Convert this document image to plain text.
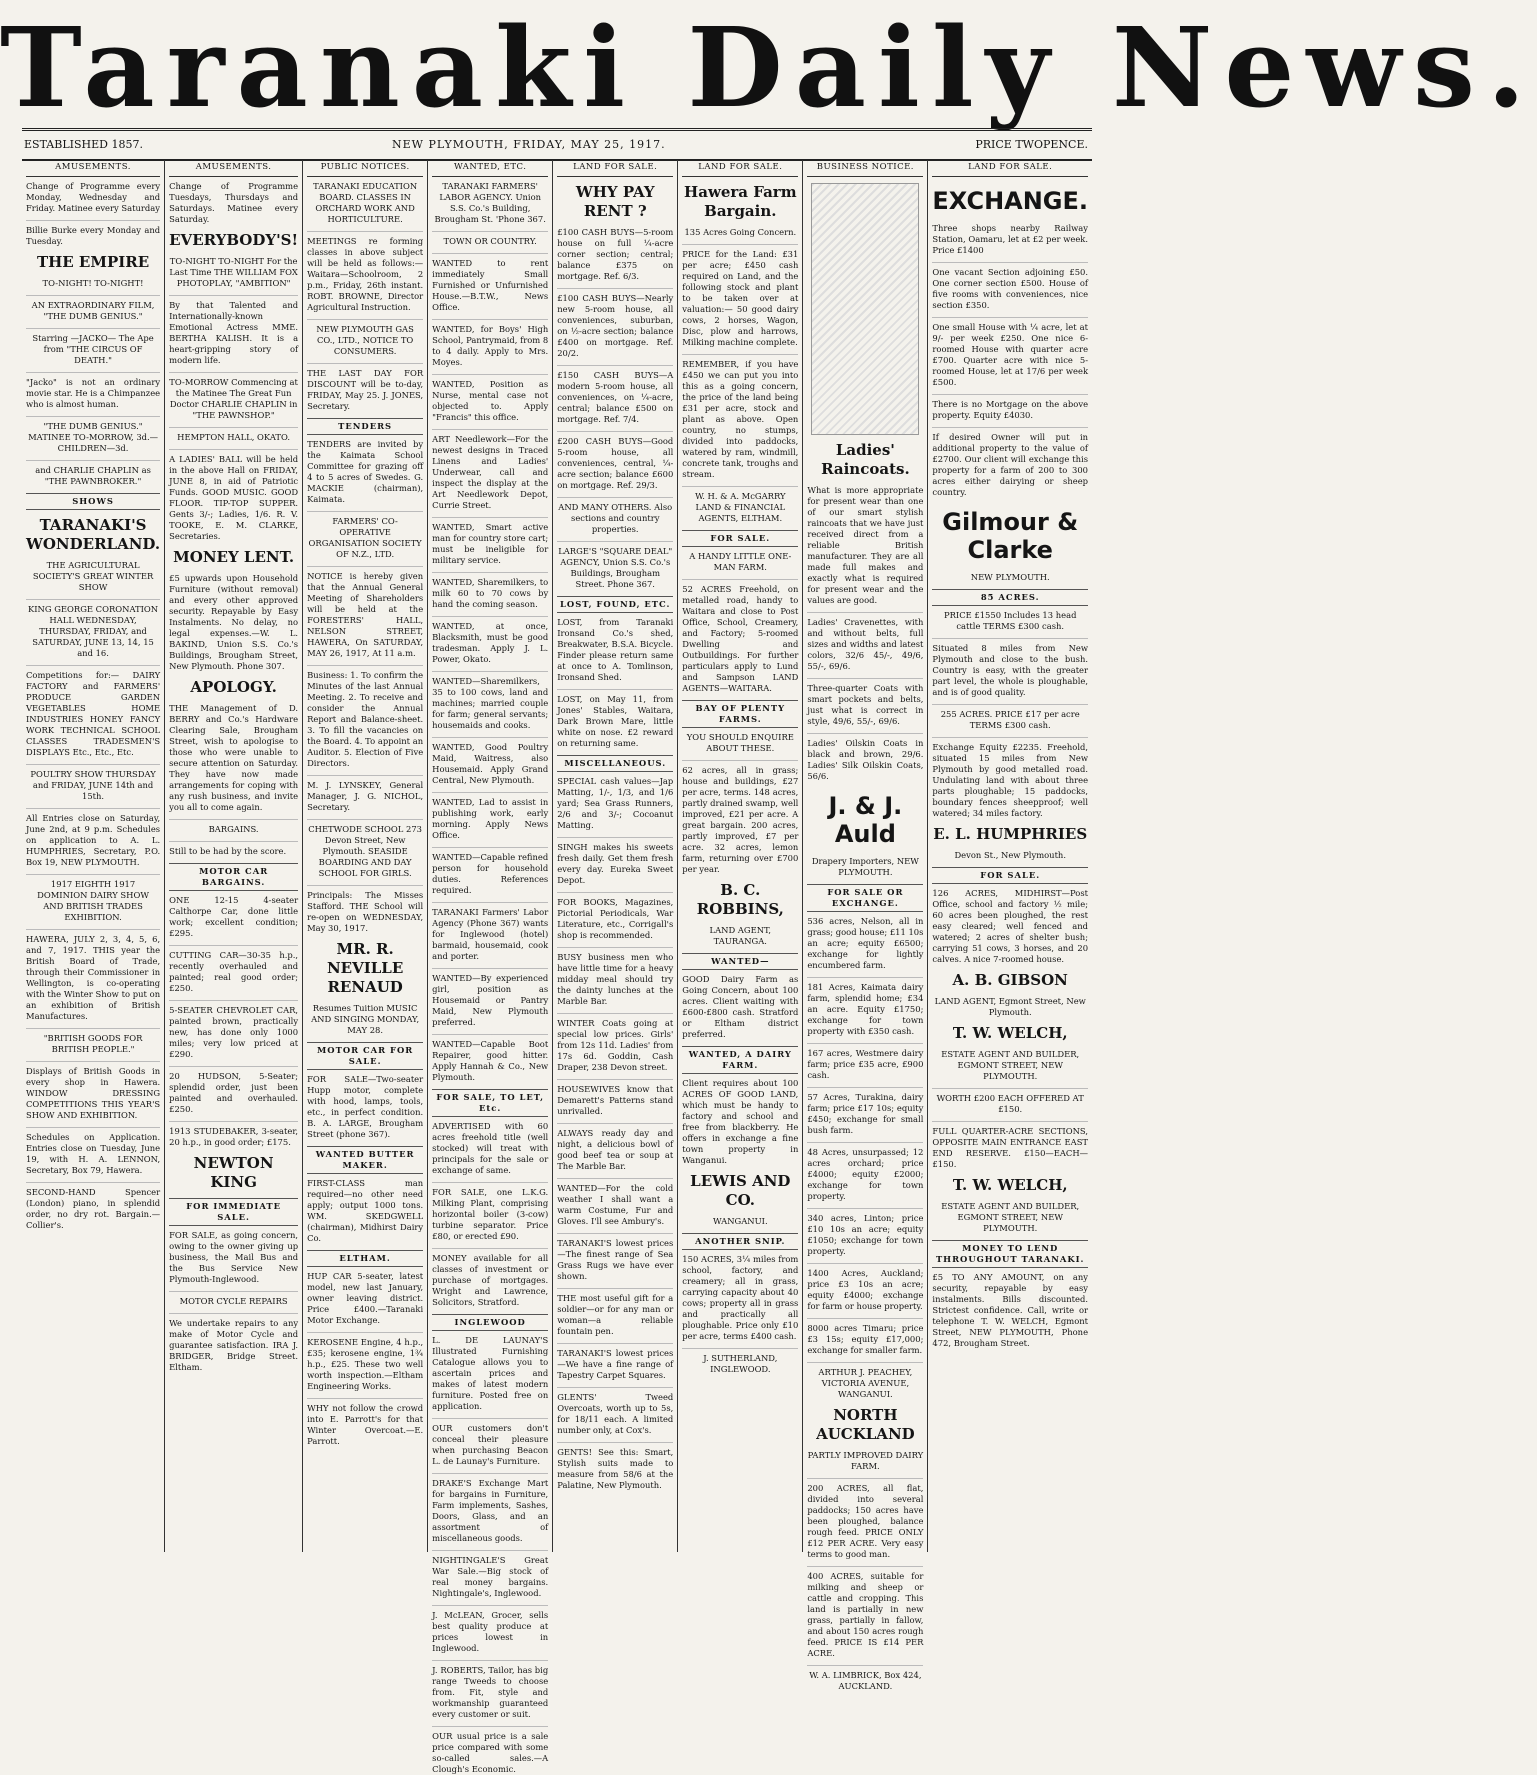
Taranaki Daily News.
ESTABLISHED 1857.	NEW PLYMOUTH, FRIDAY, MAY 25, 1917.	PRICE TWOPENCE.
AMUSEMENTS.
Change of Programme every Monday, Wednesday and Friday. Matinee every Saturday
Billie Burke every Monday and Tuesday.
THE EMPIRE
TO-NIGHT! TO-NIGHT!
AN EXTRAORDINARY FILM, "THE DUMB GENIUS."
Starring —JACKO— The Ape from "THE CIRCUS OF DEATH."
"Jacko" is not an ordinary movie star. He is a Chimpanzee who is almost human.
"THE DUMB GENIUS." MATINEE TO-MORROW, 3d.—CHILDREN—3d.
and CHARLIE CHAPLIN as "THE PAWNBROKER."
SHOWS
TARANAKI'S WONDERLAND.
THE AGRICULTURAL SOCIETY'S GREAT WINTER SHOW
KING GEORGE CORONATION HALL WEDNESDAY, THURSDAY, FRIDAY, and SATURDAY, JUNE 13, 14, 15 and 16.
Competitions for:— DAIRY FACTORY and FARMERS' PRODUCE GARDEN VEGETABLES HOME INDUSTRIES HONEY FANCY WORK TECHNICAL SCHOOL CLASSES TRADESMEN'S DISPLAYS Etc., Etc., Etc.
POULTRY SHOW THURSDAY and FRIDAY, JUNE 14th and 15th.
All Entries close on Saturday, June 2nd, at 9 p.m. Schedules on application to A. L. HUMPHRIES, Secretary, P.O. Box 19, NEW PLYMOUTH.
1917 EIGHTH 1917 DOMINION DAIRY SHOW AND BRITISH TRADES EXHIBITION.
HAWERA, JULY 2, 3, 4, 5, 6, and 7, 1917. THIS year the British Board of Trade, through their Commissioner in Wellington, is co-operating with the Winter Show to put on an exhibition of British Manufactures.
"BRITISH GOODS FOR BRITISH PEOPLE."
Displays of British Goods in every shop in Hawera. WINDOW DRESSING COMPETITIONS THIS YEAR'S SHOW AND EXHIBITION.
Schedules on Application. Entries close on Tuesday, June 19, with H. A. LENNON, Secretary, Box 79, Hawera.
SECOND-HAND Spencer (London) piano, in splendid order, no dry rot. Bargain.—Collier's.
AMUSEMENTS.
Change of Programme Tuesdays, Thursdays and Saturdays. Matinee every Saturday.
EVERYBODY'S!
TO-NIGHT TO-NIGHT For the Last Time THE WILLIAM FOX PHOTOPLAY, "AMBITION"
By that Talented and Internationally-known Emotional Actress MME. BERTHA KALISH. It is a heart-gripping story of modern life.
TO-MORROW Commencing at the Matinee The Great Fun Doctor CHARLIE CHAPLIN in "THE PAWNSHOP."
HEMPTON HALL, OKATO.
A LADIES' BALL will be held in the above Hall on FRIDAY, JUNE 8, in aid of Patriotic Funds. GOOD MUSIC. GOOD FLOOR. TIP-TOP SUPPER. Gents 3/-; Ladies, 1/6. R. V. TOOKE, E. M. CLARKE, Secretaries.
MONEY LENT.
£5 upwards upon Household Furniture (without removal) and every other approved security. Repayable by Easy Instalments. No delay, no legal expenses.—W. L. BAKIND, Union S.S. Co.'s Buildings, Brougham Street, New Plymouth. Phone 307.
APOLOGY.
THE Management of D. BERRY and Co.'s Hardware Clearing Sale, Brougham Street, wish to apologise to those who were unable to secure attention on Saturday. They have now made arrangements for coping with any rush business, and invite you all to come again.
BARGAINS.
Still to be had by the score.
MOTOR CAR BARGAINS.
ONE 12-15 4-seater Calthorpe Car, done little work; excellent condition; £295.
CUTTING CAR—30-35 h.p., recently overhauled and painted; real good order; £250.
5-SEATER CHEVROLET CAR, painted brown, practically new, has done only 1000 miles; very low priced at £290.
20 HUDSON, 5-Seater; splendid order, just been painted and overhauled. £250.
1913 STUDEBAKER, 3-seater, 20 h.p., in good order; £175.
NEWTON KING
FOR IMMEDIATE SALE.
FOR SALE, as going concern, owing to the owner giving up business, the Mail Bus and the Bus Service New Plymouth-Inglewood.
MOTOR CYCLE REPAIRS
We undertake repairs to any make of Motor Cycle and guarantee satisfaction. IRA J. BRIDGER, Bridge Street. Eltham.
PUBLIC NOTICES.
TARANAKI EDUCATION BOARD. CLASSES IN ORCHARD WORK AND HORTICULTURE.
MEETINGS re forming classes in above subject will be held as follows:—Waitara—Schoolroom, 2 p.m., Friday, 26th instant. ROBT. BROWNE, Director Agricultural Instruction.
NEW PLYMOUTH GAS CO., LTD., NOTICE TO CONSUMERS.
THE LAST DAY FOR DISCOUNT will be to-day, FRIDAY, May 25. J. JONES, Secretary.
TENDERS
TENDERS are invited by the Kaimata School Committee for grazing off 4 to 5 acres of Swedes. G. MACKIE (chairman), Kaimata.
FARMERS' CO-OPERATIVE ORGANISATION SOCIETY OF N.Z., LTD.
NOTICE is hereby given that the Annual General Meeting of Shareholders will be held at the FORESTERS' HALL, NELSON STREET, HAWERA, On SATURDAY, MAY 26, 1917, At 11 a.m.
Business: 1. To confirm the Minutes of the last Annual Meeting. 2. To receive and consider the Annual Report and Balance-sheet. 3. To fill the vacancies on the Board. 4. To appoint an Auditor. 5. Election of Five Directors.
M. J. LYNSKEY, General Manager, J. G. NICHOL, Secretary.
CHETWODE SCHOOL 273 Devon Street, New Plymouth. SEASIDE BOARDING AND DAY SCHOOL FOR GIRLS.
Principals: The Misses Stafford. THE School will re-open on WEDNESDAY, May 30, 1917.
MR. R. NEVILLE RENAUD
Resumes Tuition MUSIC AND SINGING MONDAY, MAY 28.
MOTOR CAR FOR SALE.
FOR SALE—Two-seater Hupp motor, complete with hood, lamps, tools, etc., in perfect condition. B. A. LARGE, Brougham Street (phone 367).
WANTED BUTTER MAKER.
FIRST-CLASS man required—no other need apply; output 1000 tons. WM. SKEDGWELL (chairman), Midhirst Dairy Co.
ELTHAM.
HUP CAR 5-seater, latest model, new last January, owner leaving district. Price £400.—Taranaki Motor Exchange.
KEROSENE Engine, 4 h.p., £35; kerosene engine, 1¾ h.p., £25. These two well worth inspection.—Eltham Engineering Works.
WHY not follow the crowd into E. Parrott's for that Winter Overcoat.—E. Parrott.
WANTED, ETC.
TARANAKI FARMERS' LABOR AGENCY. Union S.S. Co.'s Building, Brougham St. 'Phone 367.
TOWN OR COUNTRY.
WANTED to rent immediately Small Furnished or Unfurnished House.—B.T.W., News Office.
WANTED, for Boys' High School, Pantrymaid, from 8 to 4 daily. Apply to Mrs. Moyes.
WANTED, Position as Nurse, mental case not objected to. Apply "Francis" this office.
ART Needlework—For the newest designs in Traced Linens and Ladies' Underwear, call and inspect the display at the Art Needlework Depot, Currie Street.
WANTED, Smart active man for country store cart; must be ineligible for military service.
WANTED, Sharemilkers, to milk 60 to 70 cows by hand the coming season.
WANTED, at once, Blacksmith, must be good tradesman. Apply J. L. Power, Okato.
WANTED—Sharemilkers, 35 to 100 cows, land and machines; married couple for farm; general servants; housemaids and cooks.
WANTED, Good Poultry Maid, Waitress, also Housemaid. Apply Grand Central, New Plymouth.
WANTED, Lad to assist in publishing work, early morning. Apply News Office.
WANTED—Capable refined person for household duties. References required.
TARANAKI Farmers' Labor Agency (Phone 367) wants for Inglewood (hotel) barmaid, housemaid, cook and porter.
WANTED—By experienced girl, position as Housemaid or Pantry Maid, New Plymouth preferred.
WANTED—Capable Boot Repairer, good hitter. Apply Hannah & Co., New Plymouth.
FOR SALE, TO LET, Etc.
ADVERTISED with 60 acres freehold title (well stocked) will treat with principals for the sale or exchange of same.
FOR SALE, one L.K.G. Milking Plant, comprising horizontal boiler (3-cow) turbine separator. Price £80, or erected £90.
MONEY available for all classes of investment or purchase of mortgages. Wright and Lawrence, Solicitors, Stratford.
INGLEWOOD
L. DE LAUNAY'S Illustrated Furnishing Catalogue allows you to ascertain prices and makes of latest modern furniture. Posted free on application.
OUR customers don't conceal their pleasure when purchasing Beacon L. de Launay's Furniture.
DRAKE'S Exchange Mart for bargains in Furniture, Farm implements, Sashes, Doors, Glass, and an assortment of miscellaneous goods.
NIGHTINGALE'S Great War Sale.—Big stock of real money bargains. Nightingale's, Inglewood.
J. McLEAN, Grocer, sells best quality produce at prices lowest in Inglewood.
J. ROBERTS, Tailor, has big range Tweeds to choose from. Fit, style and workmanship guaranteed every customer or suit.
OUR usual price is a sale price compared with some so-called sales.—A Clough's Economic.
LAND FOR SALE.
WHY PAY RENT ?
£100 CASH BUYS—5-room house on full ¼-acre corner section; central; balance £375 on mortgage. Ref. 6/3.
£100 CASH BUYS—Nearly new 5-room house, all conveniences, suburban, on ½-acre section; balance £400 on mortgage. Ref. 20/2.
£150 CASH BUYS—A modern 5-room house, all conveniences, on ¼-acre, central; balance £500 on mortgage. Ref. 7/4.
£200 CASH BUYS—Good 5-room house, all conveniences, central, ¼-acre section; balance £600 on mortgage. Ref. 29/3.
AND MANY OTHERS. Also sections and country properties.
LARGE'S "SQUARE DEAL" AGENCY, Union S.S. Co.'s Buildings, Brougham Street. Phone 367.
LOST, FOUND, ETC.
LOST, from Taranaki Ironsand Co.'s shed, Breakwater, B.S.A. Bicycle. Finder please return same at once to A. Tomlinson, Ironsand Shed.
LOST, on May 11, from Jones' Stables, Waitara, Dark Brown Mare, little white on nose. £2 reward on returning same.
MISCELLANEOUS.
SPECIAL cash values—Jap Matting, 1/-, 1/3, and 1/6 yard; Sea Grass Runners, 2/6 and 3/-; Cocoanut Matting.
SINGH makes his sweets fresh daily. Get them fresh every day. Eureka Sweet Depot.
FOR BOOKS, Magazines, Pictorial Periodicals, War Literature, etc., Corrigall's shop is recommended.
BUSY business men who have little time for a heavy midday meal should try the dainty lunches at the Marble Bar.
WINTER Coats going at special low prices. Girls' from 12s 11d. Ladies' from 17s 6d. Goddin, Cash Draper, 238 Devon street.
HOUSEWIVES know that Demarett's Patterns stand unrivalled.
ALWAYS ready day and night, a delicious bowl of good beef tea or soup at The Marble Bar.
WANTED—For the cold weather I shall want a warm Costume, Fur and Gloves. I'll see Ambury's.
TARANAKI'S lowest prices—The finest range of Sea Grass Rugs we have ever shown.
THE most useful gift for a soldier—or for any man or woman—a reliable fountain pen.
TARANAKI'S lowest prices—We have a fine range of Tapestry Carpet Squares.
GLENTS' Tweed Overcoats, worth up to 5s, for 18/11 each. A limited number only, at Cox's.
GENTS! See this: Smart, Stylish suits made to measure from 58/6 at the Palatine, New Plymouth.
LAND FOR SALE.
Hawera Farm Bargain.
135 Acres Going Concern.
PRICE for the Land: £31 per acre; £450 cash required on Land, and the following stock and plant to be taken over at valuation:— 50 good dairy cows, 2 horses, Wagon, Disc, plow and harrows, Milking machine complete.
REMEMBER, if you have £450 we can put you into this as a going concern, the price of the land being £31 per acre, stock and plant as above. Open country, no stumps, divided into paddocks, watered by ram, windmill, concrete tank, troughs and stream.
W. H. & A. McGARRY LAND & FINANCIAL AGENTS, ELTHAM.
FOR SALE.
A HANDY LITTLE ONE-MAN FARM.
52 ACRES Freehold, on metalled road, handy to Waitara and close to Post Office, School, Creamery, and Factory; 5-roomed Dwelling and Outbuildings. For further particulars apply to Lund and Sampson LAND AGENTS—WAITARA.
BAY OF PLENTY FARMS.
YOU SHOULD ENQUIRE ABOUT THESE.
62 acres, all in grass; house and buildings, £27 per acre, terms. 148 acres, partly drained swamp, well improved, £21 per acre. A great bargain. 200 acres, partly improved, £7 per acre. 32 acres, lemon farm, returning over £700 per year.
B. C. ROBBINS,
LAND AGENT, TAURANGA.
WANTED—
GOOD Dairy Farm as Going Concern, about 100 acres. Client waiting with £600-£800 cash. Stratford or Eltham district preferred.
WANTED, A DAIRY FARM.
Client requires about 100 ACRES OF GOOD LAND, which must be handy to factory and school and free from blackberry. He offers in exchange a fine town property in Wanganui.
LEWIS AND CO.
WANGANUI.
ANOTHER SNIP.
150 ACRES, 3¼ miles from school, factory, and creamery; all in grass, carrying capacity about 40 cows; property all in grass and practically all ploughable. Price only £10 per acre, terms £400 cash.
J. SUTHERLAND, INGLEWOOD.
BUSINESS NOTICE.
Ladies' Raincoats.
What is more appropriate for present wear than one of our smart stylish raincoats that we have just received direct from a reliable British manufacturer. They are all made full makes and exactly what is required for present wear and the values are good.
Ladies' Cravenettes, with and without belts, full sizes and widths and latest colors, 32/6 45/-, 49/6, 55/-, 69/6.
Three-quarter Coats with smart pockets and belts, just what is correct in style, 49/6, 55/-, 69/6.
Ladies' Oilskin Coats in black and brown, 29/6. Ladies' Silk Oilskin Coats, 56/6.
J. & J. Auld
Drapery Importers, NEW PLYMOUTH.
FOR SALE OR EXCHANGE.
536 acres, Nelson, all in grass; good house; £11 10s an acre; equity £6500; exchange for lightly encumbered farm.
181 Acres, Kaimata dairy farm, splendid home; £34 an acre. Equity £1750; exchange for town property with £350 cash.
167 acres, Westmere dairy farm; price £35 acre, £900 cash.
57 Acres, Turakina, dairy farm; price £17 10s; equity £450; exchange for small bush farm.
48 Acres, unsurpassed; 12 acres orchard; price £4000; equity £2000; exchange for town property.
340 acres, Linton; price £10 10s an acre; equity £1050; exchange for town property.
1400 Acres, Auckland; price £3 10s an acre; equity £4000; exchange for farm or house property.
8000 acres Timaru; price £3 15s; equity £17,000; exchange for smaller farm.
ARTHUR J. PEACHEY, VICTORIA AVENUE, WANGANUI.
NORTH AUCKLAND
PARTLY IMPROVED DAIRY FARM.
200 ACRES, all flat, divided into several paddocks; 150 acres have been ploughed, balance rough feed. PRICE ONLY £12 PER ACRE. Very easy terms to good man.
400 ACRES, suitable for milking and sheep or cattle and cropping. This land is partially in new grass, partially in fallow, and about 150 acres rough feed. PRICE IS £14 PER ACRE.
W. A. LIMBRICK, Box 424, AUCKLAND.
LAND FOR SALE.
EXCHANGE.
Three shops nearby Railway Station, Oamaru, let at £2 per week. Price £1400
One vacant Section adjoining £50. One corner section £500. House of five rooms with conveniences, nice section £350.
One small House with ¼ acre, let at 9/- per week £250. One nice 6-roomed House with quarter acre £700. Quarter acre with nice 5-roomed House, let at 17/6 per week £500.
There is no Mortgage on the above property. Equity £4030.
If desired Owner will put in additional property to the value of £2700. Our client will exchange this property for a farm of 200 to 300 acres either dairying or sheep country.
Gilmour & Clarke
NEW PLYMOUTH.
85 ACRES.
PRICE £1550 Includes 13 head cattle TERMS £300 cash.
Situated 8 miles from New Plymouth and close to the bush. Country is easy, with the greater part level, the whole is ploughable, and is of good quality.
255 ACRES. PRICE £17 per acre TERMS £300 cash.
Exchange Equity £2235. Freehold, situated 15 miles from New Plymouth by good metalled road. Undulating land with about three parts ploughable; 15 paddocks, boundary fences sheepproof; well watered; 34 miles factory.
E. L. HUMPHRIES
Devon St., New Plymouth.
FOR SALE.
126 ACRES, MIDHIRST—Post Office, school and factory ½ mile; 60 acres been ploughed, the rest easy cleared; well fenced and watered; 2 acres of shelter bush; carrying 51 cows, 3 horses, and 20 calves. A nice 7-roomed house.
A. B. GIBSON
LAND AGENT, Egmont Street, New Plymouth.
T. W. WELCH,
ESTATE AGENT AND BUILDER, EGMONT STREET, NEW PLYMOUTH.
WORTH £200 EACH OFFERED AT £150.
FULL QUARTER-ACRE SECTIONS, OPPOSITE MAIN ENTRANCE EAST END RESERVE. £150—EACH—£150.
T. W. WELCH,
ESTATE AGENT AND BUILDER, EGMONT STREET, NEW PLYMOUTH.
MONEY TO LEND THROUGHOUT TARANAKI.
£5 TO ANY AMOUNT, on any security, repayable by easy instalments. Bills discounted. Strictest confidence. Call, write or telephone T. W. WELCH, Egmont Street, NEW PLYMOUTH, Phone 472, Brougham Street.
